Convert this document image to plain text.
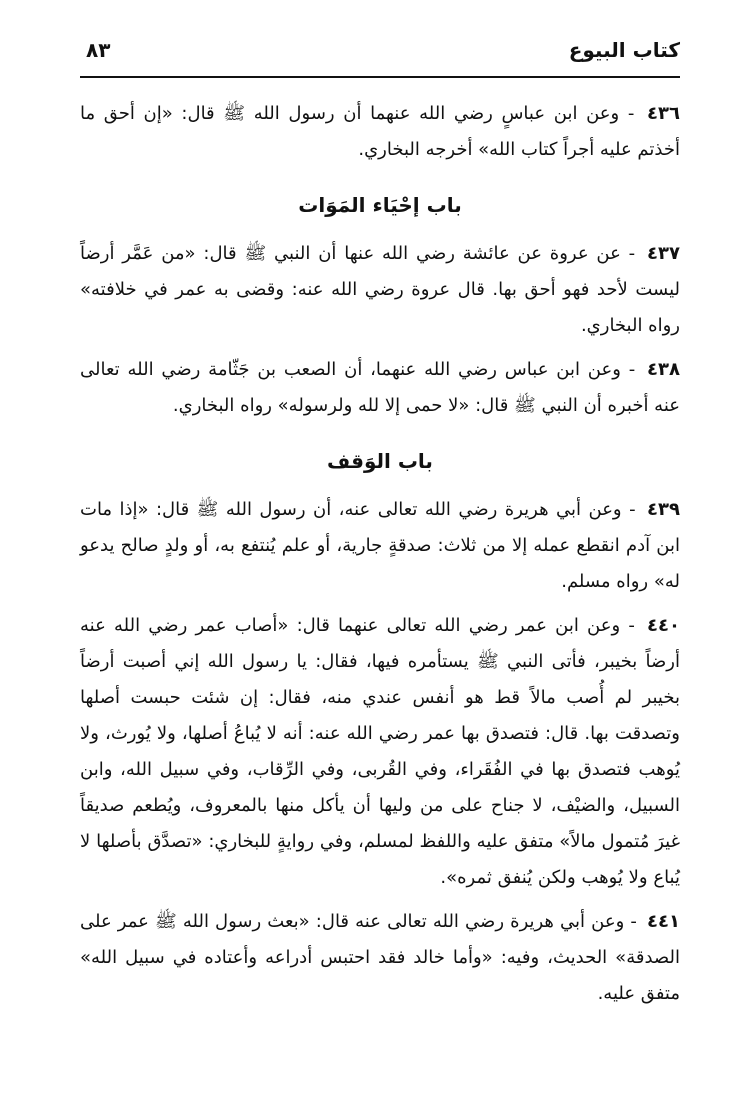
كتاب البيوع
٨٣

٤٣٦ - وعن ابن عباسٍ رضي الله عنهما أن رسول الله ﷺ قال: «إن أحق ما أخذتم عليه أجراً كتاب الله» أخرجه البخاري.

باب إحْيَاء المَوَات

٤٣٧ - عن عروة عن عائشة رضي الله عنها أن النبي ﷺ قال: «من عَمَّر أرضاً ليست لأحد فهو أحق بها. قال عروة رضي الله عنه: وقضى به عمر في خلافته» رواه البخاري.

٤٣٨ - وعن ابن عباس رضي الله عنهما، أن الصعب بن جَثّامة رضي الله تعالى عنه أخبره أن النبي ﷺ قال: «لا حمى إلا لله ولرسوله» رواه البخاري.

باب الوَقف

٤٣٩ - وعن أبي هريرة رضي الله تعالى عنه، أن رسول الله ﷺ قال: «إذا مات ابن آدم انقطع عمله إلا من ثلاث: صدقةٍ جارية، أو علم يُنتفع به، أو ولدٍ صالح يدعو له» رواه مسلم.

٤٤٠ - وعن ابن عمر رضي الله تعالى عنهما قال: «أصاب عمر رضي الله عنه أرضاً بخيبر، فأتى النبي ﷺ يستأمره فيها، فقال: يا رسول الله إني أصبت أرضاً بخيبر لم أُصب مالاً قط هو أنفس عندي منه، فقال: إن شئت حبست أصلها وتصدقت بها. قال: فتصدق بها عمر رضي الله عنه: أنه لا يُباعُ أصلها، ولا يُورث، ولا يُوهب فتصدق بها في الفُقَراء، وفي القُربى، وفي الرِّقاب، وفي سبيل الله، وابن السبيل، والضيْف، لا جناح على من وليها أن يأكل منها بالمعروف، ويُطعم صديقاً غيرَ مُتمول مالاً» متفق عليه واللفظ لمسلم، وفي روايةٍ للبخاري: «تصدَّق بأصلها لا يُباع ولا يُوهب ولكن يُنفق ثمره».

٤٤١ - وعن أبي هريرة رضي الله تعالى عنه قال: «بعث رسول الله ﷺ عمر على الصدقة» الحديث، وفيه: «وأما خالد فقد احتبس أدراعه وأعتاده في سبيل الله» متفق عليه.
